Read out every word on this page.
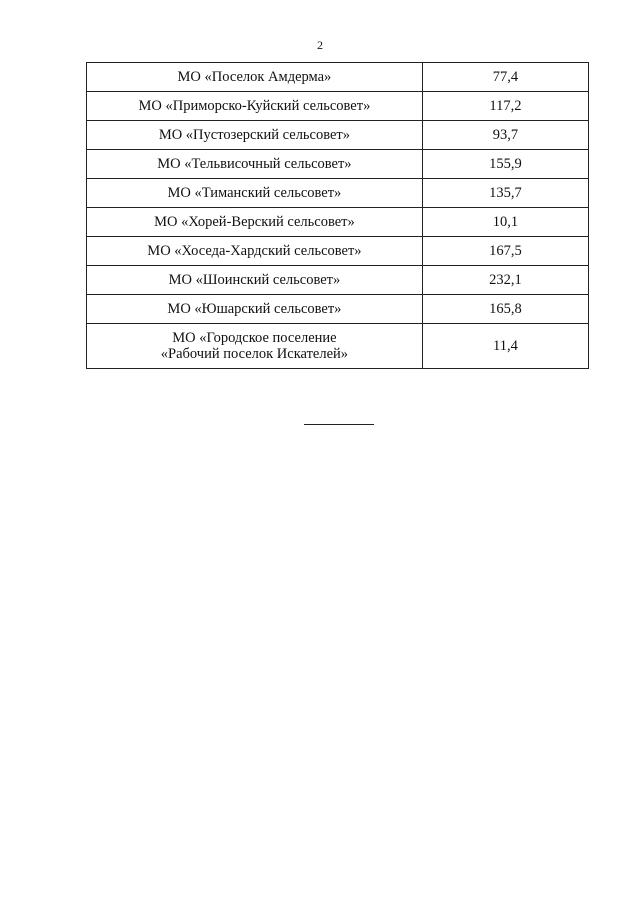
2
МО «Поселок Амдерма»	77,4

МО «Приморско-Куйский сельсовет»	117,2

МО «Пустозерский сельсовет»	93,7

МО «Тельвисочный сельсовет»	155,9

МО «Тиманский сельсовет»	135,7

МО «Хорей-Верский сельсовет»	10,1

МО «Хоседа-Хардский сельсовет»	167,5

МО «Шоинский сельсовет»	232,1

МО «Юшарский сельсовет»	165,8

МО «Городское поселение
«Рабочий поселок Искателей»	11,4
